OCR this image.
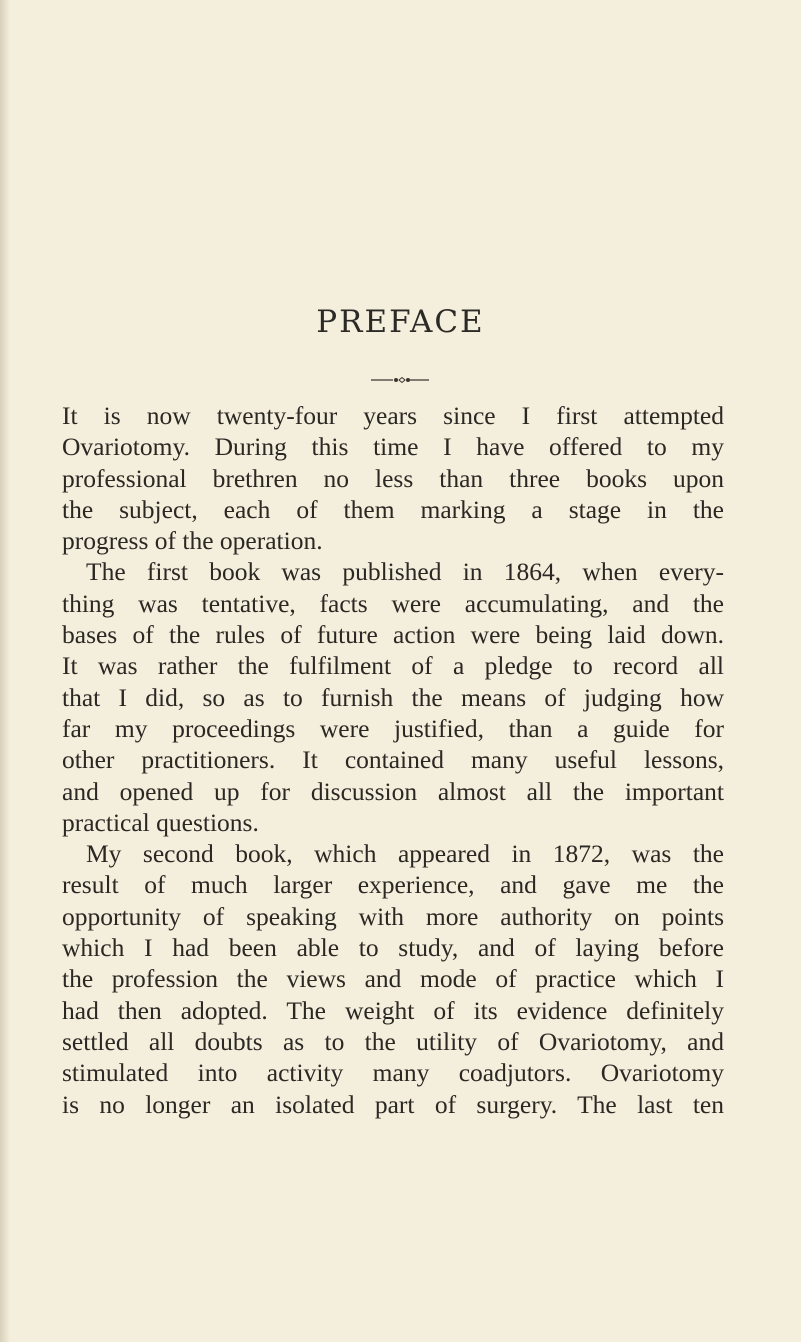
PREFACE
It is now twenty-four years since I first attempted
Ovariotomy. During this time I have offered to my
professional brethren no less than three books upon
the subject, each of them marking a stage in the
progress of the operation.
The first book was published in 1864, when every-
thing was tentative, facts were accumulating, and the
bases of the rules of future action were being laid down.
It was rather the fulfilment of a pledge to record all
that I did, so as to furnish the means of judging how
far my proceedings were justified, than a guide for
other practitioners. It contained many useful lessons,
and opened up for discussion almost all the important
practical questions.
My second book, which appeared in 1872, was the
result of much larger experience, and gave me the
opportunity of speaking with more authority on points
which I had been able to study, and of laying before
the profession the views and mode of practice which I
had then adopted. The weight of its evidence definitely
settled all doubts as to the utility of Ovariotomy, and
stimulated into activity many coadjutors. Ovariotomy
is no longer an isolated part of surgery. The last ten
